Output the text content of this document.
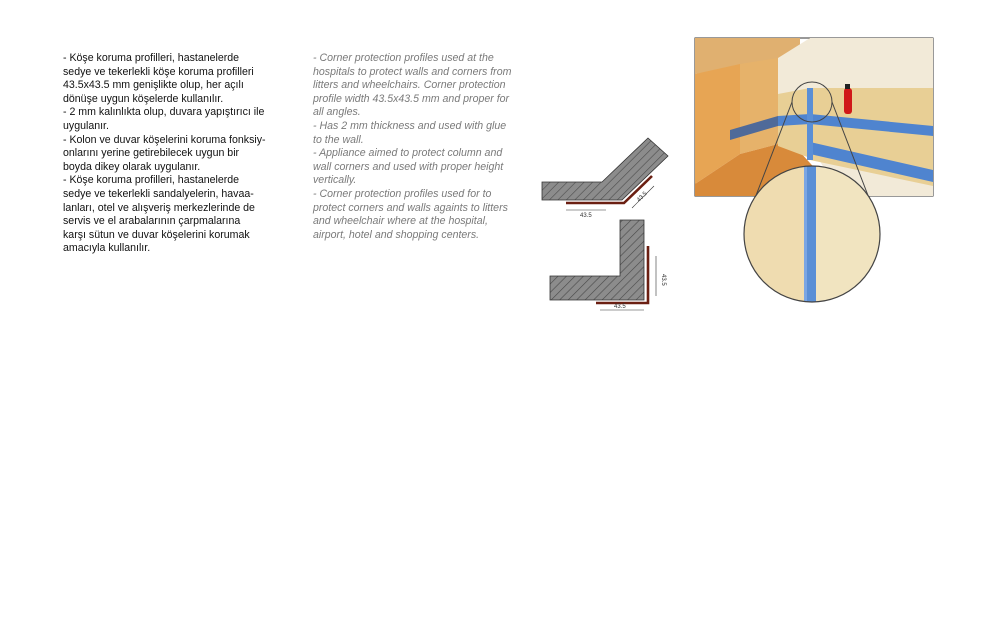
- Köşe koruma profilleri, hastanelerde
sedye ve tekerlekli köşe koruma profilleri
43.5x43.5 mm genişlikte olup, her açılı
dönüşe uygun köşelerde kullanılır.
- 2 mm kalınlıkta olup, duvara yapıştırıcı ile
uygulanır.
- Kolon ve duvar köşelerini koruma fonksiy-
onlarını yerine getirebilecek uygun bir
boyda dikey olarak uygulanır.
- Köşe koruma profilleri, hastanelerde
sedye ve tekerlekli sandalyelerin, havaa-
lanları, otel ve alışveriş merkezlerinde de
servis ve el arabalarının çarpmalarına
karşı sütun ve duvar köşelerini korumak
amacıyla kullanılır.
- Corner protection profiles used at the
hospitals to protect walls and corners from
litters and wheelchairs. Corner protection
profile width 43.5x43.5 mm and proper for
all angles.
- Has 2 mm thickness and used with glue
to the wall.
- Appliance aimed to protect column and
wall corners and used with proper height
vertically.
- Corner protection profiles used for to
protect corners and walls againts to litters
and wheelchair where at the hospital,
airport, hotel and shopping centers.
43.5
43.5
43.5
43.5
